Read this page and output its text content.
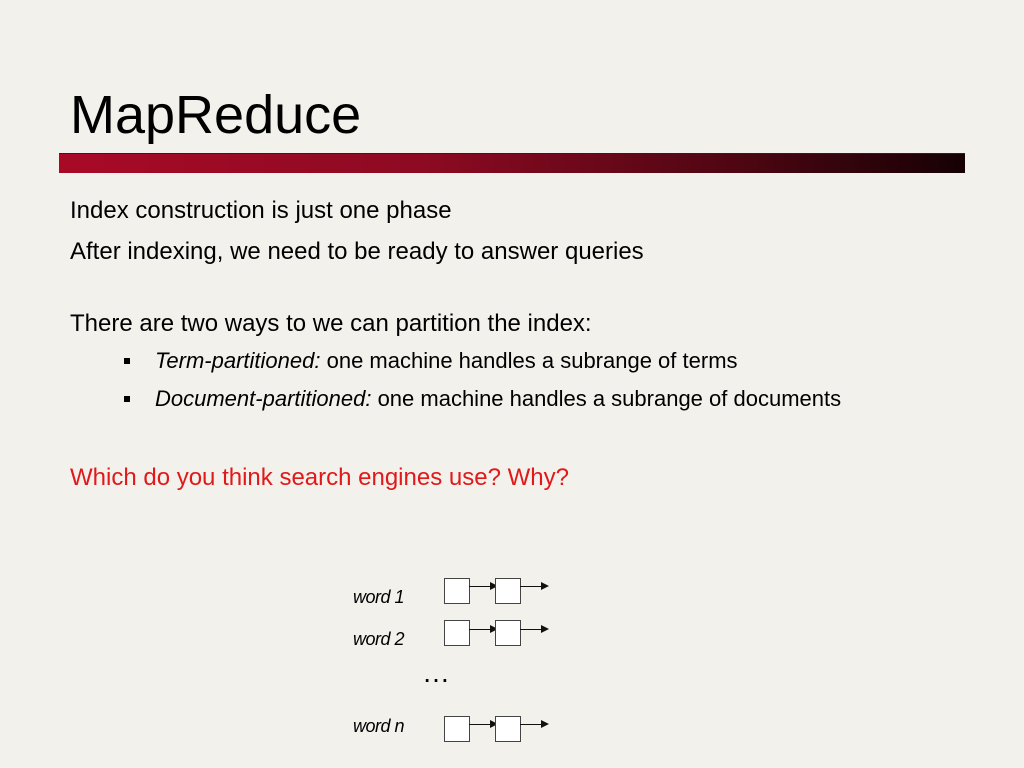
MapReduce

Index construction is just one phase

After indexing, we need to be ready to answer queries

There are two ways to we can partition the index:

Term-partitioned: one machine handles a subrange of terms
Document-partitioned: one machine handles a subrange of documents

Which do you think search engines use? Why?

word 1
word 2
…
word n
